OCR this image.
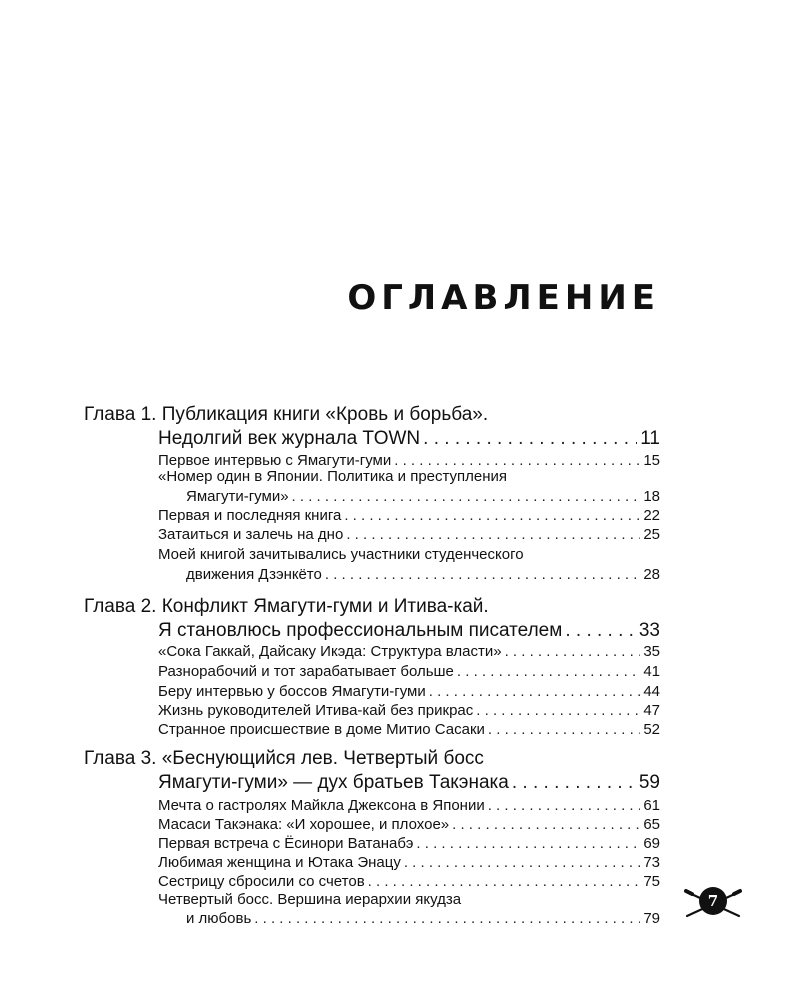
ОГЛАВЛЕНИЕ
Глава 1. Публикация книги «Кровь и борьба».
Недолгий век журнала TOWN . . .	11
Первое интервью с Ямагути-гуми . . .	15
«Номер один в Японии. Политика и преступления
Ямагути-гуми» . . .	18
Первая и последняя книга . . .	22
Затаиться и залечь на дно . . .	25
Моей книгой зачитывались участники студенческого
движения Дзэнкёто . . .	28
Глава 2. Конфликт Ямагути-гуми и Итива-кай.
Я становлюсь профессиональным писателем . . .	33
«Сока Гаккай, Дайсаку Икэда: Структура власти» . . .	35
Разнорабочий и тот зарабатывает больше . . .	41
Беру интервью у боссов Ямагути-гуми . . .	44
Жизнь руководителей Итива-кай без прикрас . . .	47
Странное происшествие в доме Митио Сасаки . . .	52
Глава 3. «Беснующийся лев. Четвертый босс
Ямагути-гуми» — дух братьев Такэнака . . .	59
Мечта о гастролях Майкла Джексона в Японии . . .	61
Масаси Такэнака: «И хорошее, и плохое» . . .	65
Первая встреча с Ёсинори Ватанабэ . . .	69
Любимая женщина и Ютака Энацу . . .	73
Сестрицу сбросили со счетов . . .	75
Четвертый босс. Вершина иерархии якудза
и любовь . . .	79
7
